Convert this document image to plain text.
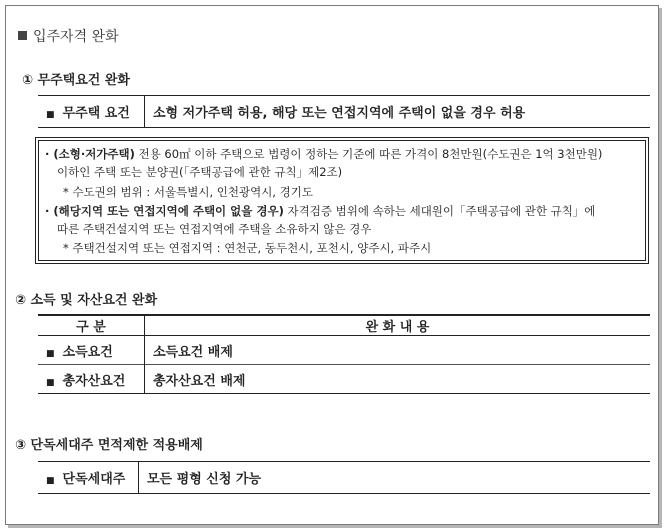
입주자격 완화
① 무주택요건 완화
■ 무주택 요건	소형 저가주택 허용, 해당 또는 연접지역에 주택이 없을 경우 허용
· (소형·저가주택) 전용 60㎡ 이하 주택으로 법령이 정하는 기준에 따른 가격이 8천만원(수도권은 1억 3천만원)
이하인 주택 또는 분양권(「주택공급에 관한 규칙」제2조)
* 수도권의 범위 : 서울특별시, 인천광역시, 경기도
· (해당지역 또는 연접지역에 주택이 없을 경우) 자격검증 범위에 속하는 세대원이「주택공급에 관한 규칙」에
따른 주택건설지역 또는 연접지역에 주택을 소유하지 않은 경우
* 주택건설지역 또는 연접지역 : 연천군, 동두천시, 포천시, 양주시, 파주시
② 소득 및 자산요건 완화
구 분	완 화 내 용
■ 소득요건	소득요건 배제
■ 총자산요건	총자산요건 배제
③ 단독세대주 면적제한 적용배제
■ 단독세대주	모든 평형 신청 가능
